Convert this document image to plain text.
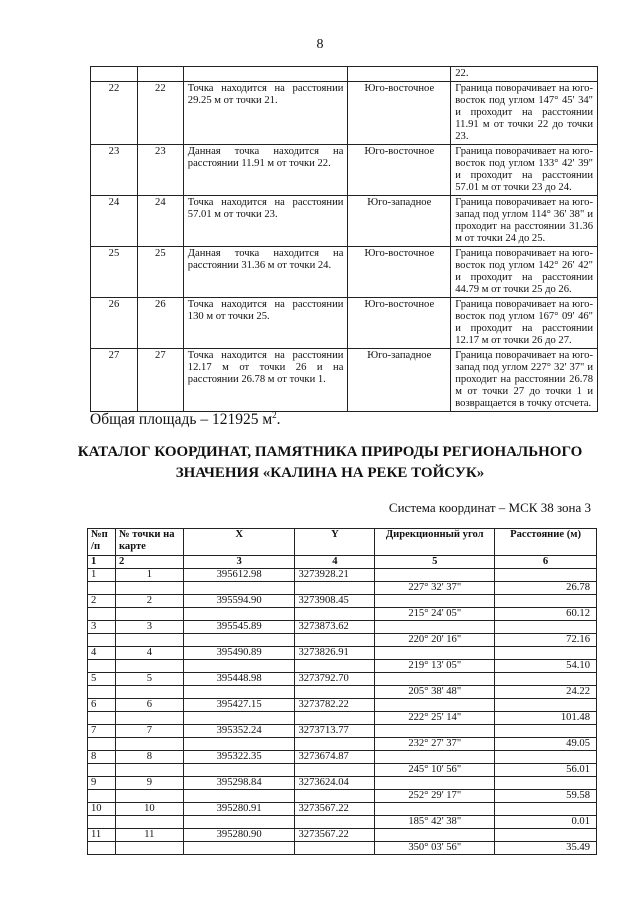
8
				22.
22	22	Точка находится на расстоянии 29.25 м от точки 21.	Юго-восточное	Граница поворачивает на юго-восток под углом 147° 45' 34" и проходит на расстоянии 11.91 м от точки 22 до точки 23.
23	23	Данная точка находится на расстоянии 11.91 м от точки 22.	Юго-восточное	Граница поворачивает на юго-восток под углом 133° 42' 39" и проходит на расстоянии 57.01 м от точки 23 до 24.
24	24	Точка находится на расстоянии 57.01 м от точки 23.	Юго-западное	Граница поворачивает на юго-запад под углом 114° 36' 38" и проходит на расстоянии 31.36 м от точки 24 до 25.
25	25	Данная точка находится на расстоянии 31.36 м от точки 24.	Юго-восточное	Граница поворачивает на юго-восток под углом 142° 26' 42" и проходит на расстоянии 44.79 м от точки 25 до 26.
26	26	Точка находится на расстоянии 130 м от точки 25.	Юго-восточное	Граница поворачивает на юго-восток под углом 167° 09' 46" и проходит на расстоянии 12.17 м от точки 26 до 27.
27	27	Точка находится на расстоянии 12.17 м от точки 26 и на расстоянии 26.78 м от точки 1.	Юго-западное	Граница поворачивает на юго-запад под углом 227° 32' 37" и проходит на расстоянии 26.78 м от точки 27 до точки 1 и возвращается в точку отсчета.
Общая площадь – 121925 $м^2$.
КАТАЛОГ КООРДИНАТ, ПАМЯТНИКА ПРИРОДЫ РЕГИОНАЛЬНОГО ЗНАЧЕНИЯ «КАЛИНА НА РЕКЕ ТОЙСУК»
Система координат – МСК 38 зона 3
№п /п	№ точки на карте	X	Y	Дирекционный угол	Расстояние (м)
1	2	3	4	5	6
1	1	395612.98	3273928.21		
				227° 32' 37"	26.78
2	2	395594.90	3273908.45		
				215° 24' 05"	60.12
3	3	395545.89	3273873.62		
				220° 20' 16"	72.16
4	4	395490.89	3273826.91		
				219° 13' 05"	54.10
5	5	395448.98	3273792.70		
				205° 38' 48"	24.22
6	6	395427.15	3273782.22		
				222° 25' 14"	101.48
7	7	395352.24	3273713.77		
				232° 27' 37"	49.05
8	8	395322.35	3273674.87		
				245° 10' 56"	56.01
9	9	395298.84	3273624.04		
				252° 29' 17"	59.58
10	10	395280.91	3273567.22		
				185° 42' 38"	0.01
11	11	395280.90	3273567.22		
				350° 03' 56"	35.49
